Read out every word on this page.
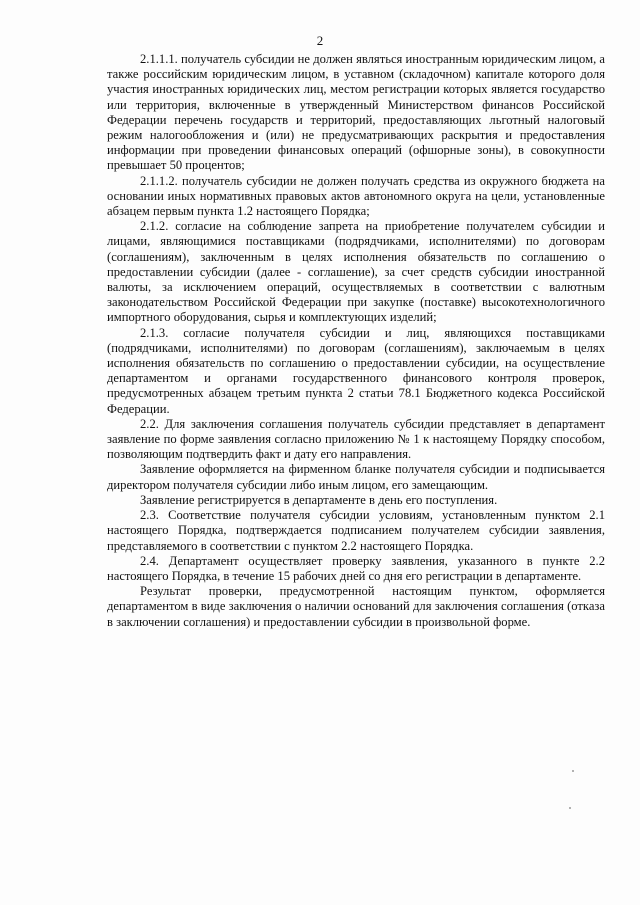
2

2.1.1.1. получатель субсидии не должен являться иностранным юридическим лицом, а также российским юридическим лицом, в уставном (складочном) капитале которого доля участия иностранных юридических лиц, местом регистрации которых является государство или территория, включенные в утвержденный Министерством финансов Российской Федерации перечень государств и территорий, предоставляющих льготный налоговый режим налогообложения и (или) не предусматривающих раскрытия и предоставления информации при проведении финансовых операций (офшорные зоны), в совокупности превышает 50 процентов;

2.1.1.2. получатель субсидии не должен получать средства из окружного бюджета на основании иных нормативных правовых актов автономного округа на цели, установленные абзацем первым пункта 1.2 настоящего Порядка;

2.1.2. согласие на соблюдение запрета на приобретение получателем субсидии и лицами, являющимися поставщиками (подрядчиками, исполнителями) по договорам (соглашениям), заключенным в целях исполнения обязательств по соглашению о предоставлении субсидии (далее - соглашение), за счет средств субсидии иностранной валюты, за исключением операций, осуществляемых в соответствии с валютным законодательством Российской Федерации при закупке (поставке) высокотехнологичного импортного оборудования, сырья и комплектующих изделий;

2.1.3. согласие получателя субсидии и лиц, являющихся поставщиками (подрядчиками, исполнителями) по договорам (соглашениям), заключаемым в целях исполнения обязательств по соглашению о предоставлении субсидии, на осуществление департаментом и органами государственного финансового контроля проверок, предусмотренных абзацем третьим пункта 2 статьи 78.1 Бюджетного кодекса Российской Федерации.

2.2. Для заключения соглашения получатель субсидии представляет в департамент заявление по форме заявления согласно приложению № 1 к настоящему Порядку способом, позволяющим подтвердить факт и дату его направления.

Заявление оформляется на фирменном бланке получателя субсидии и подписывается директором получателя субсидии либо иным лицом, его замещающим.

Заявление регистрируется в департаменте в день его поступления.

2.3. Соответствие получателя субсидии условиям, установленным пунктом 2.1 настоящего Порядка, подтверждается подписанием получателем субсидии заявления, представляемого в соответствии с пунктом 2.2 настоящего Порядка.

2.4. Департамент осуществляет проверку заявления, указанного в пункте 2.2 настоящего Порядка, в течение 15 рабочих дней со дня его регистрации в департаменте.

Результат проверки, предусмотренной настоящим пунктом, оформляется департаментом в виде заключения о наличии оснований для заключения соглашения (отказа в заключении соглашения) и предоставлении субсидии в произвольной форме.
